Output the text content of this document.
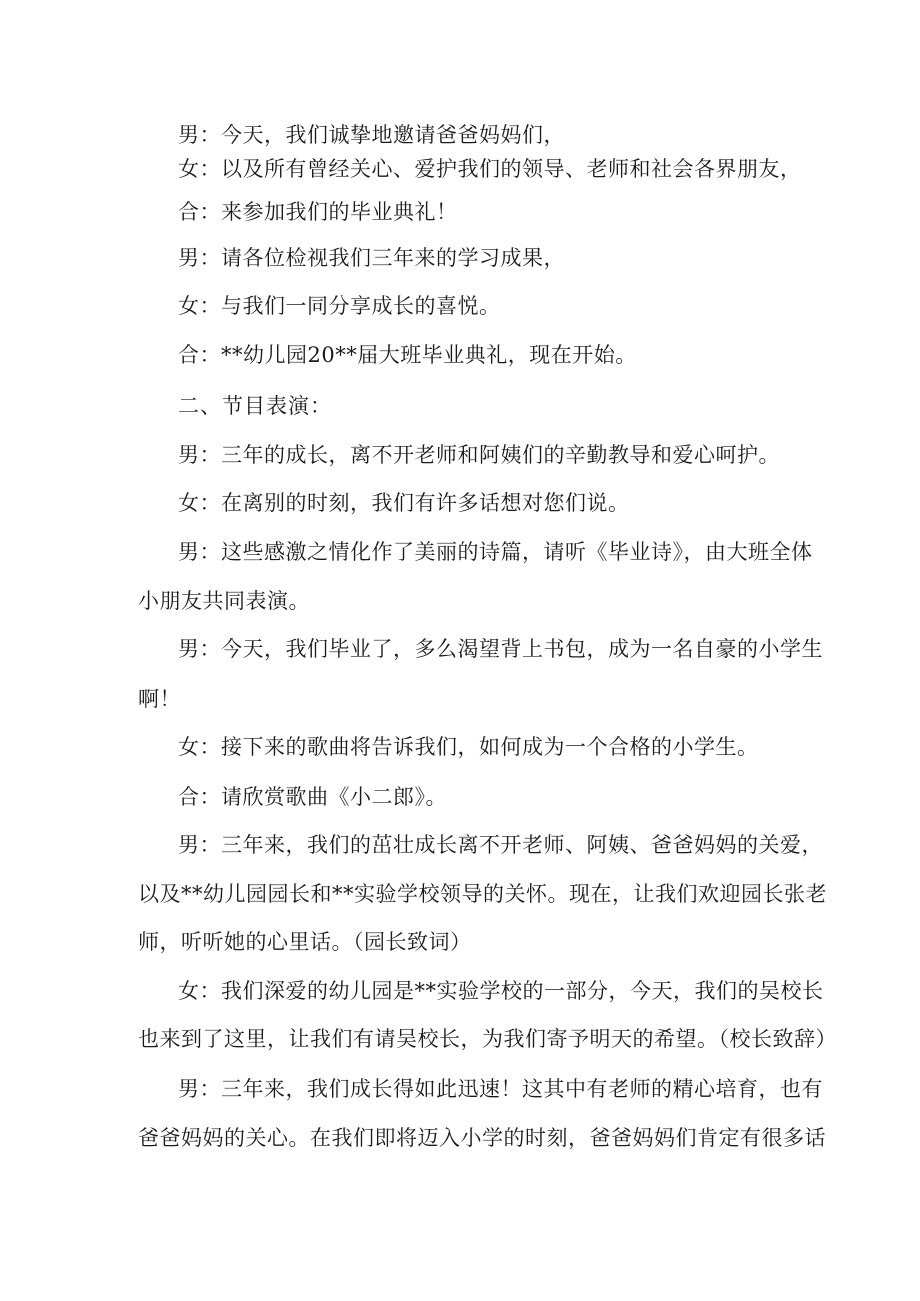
男：今天，我们诚挚地邀请爸爸妈妈们，
女：以及所有曾经关心、爱护我们的领导、老师和社会各界朋友，
合：来参加我们的毕业典礼！
男：请各位检视我们三年来的学习成果，
女：与我们一同分享成长的喜悦。
合：**幼儿园20**届大班毕业典礼，现在开始。
二、节目表演：
男：三年的成长，离不开老师和阿姨们的辛勤教导和爱心呵护。
女：在离别的时刻，我们有许多话想对您们说。
男：这些感激之情化作了美丽的诗篇，请听《毕业诗》，由大班全体
小朋友共同表演。
男：今天，我们毕业了，多么渴望背上书包，成为一名自豪的小学生
啊！
女：接下来的歌曲将告诉我们，如何成为一个合格的小学生。
合：请欣赏歌曲《小二郎》。
男：三年来，我们的茁壮成长离不开老师、阿姨、爸爸妈妈的关爱，
以及**幼儿园园长和**实验学校领导的关怀。现在，让我们欢迎园长张老
师，听听她的心里话。（园长致词）
女：我们深爱的幼儿园是**实验学校的一部分，今天，我们的吴校长
也来到了这里，让我们有请吴校长，为我们寄予明天的希望。（校长致辞）
男：三年来，我们成长得如此迅速！这其中有老师的精心培育，也有
爸爸妈妈的关心。在我们即将迈入小学的时刻，爸爸妈妈们肯定有很多话
